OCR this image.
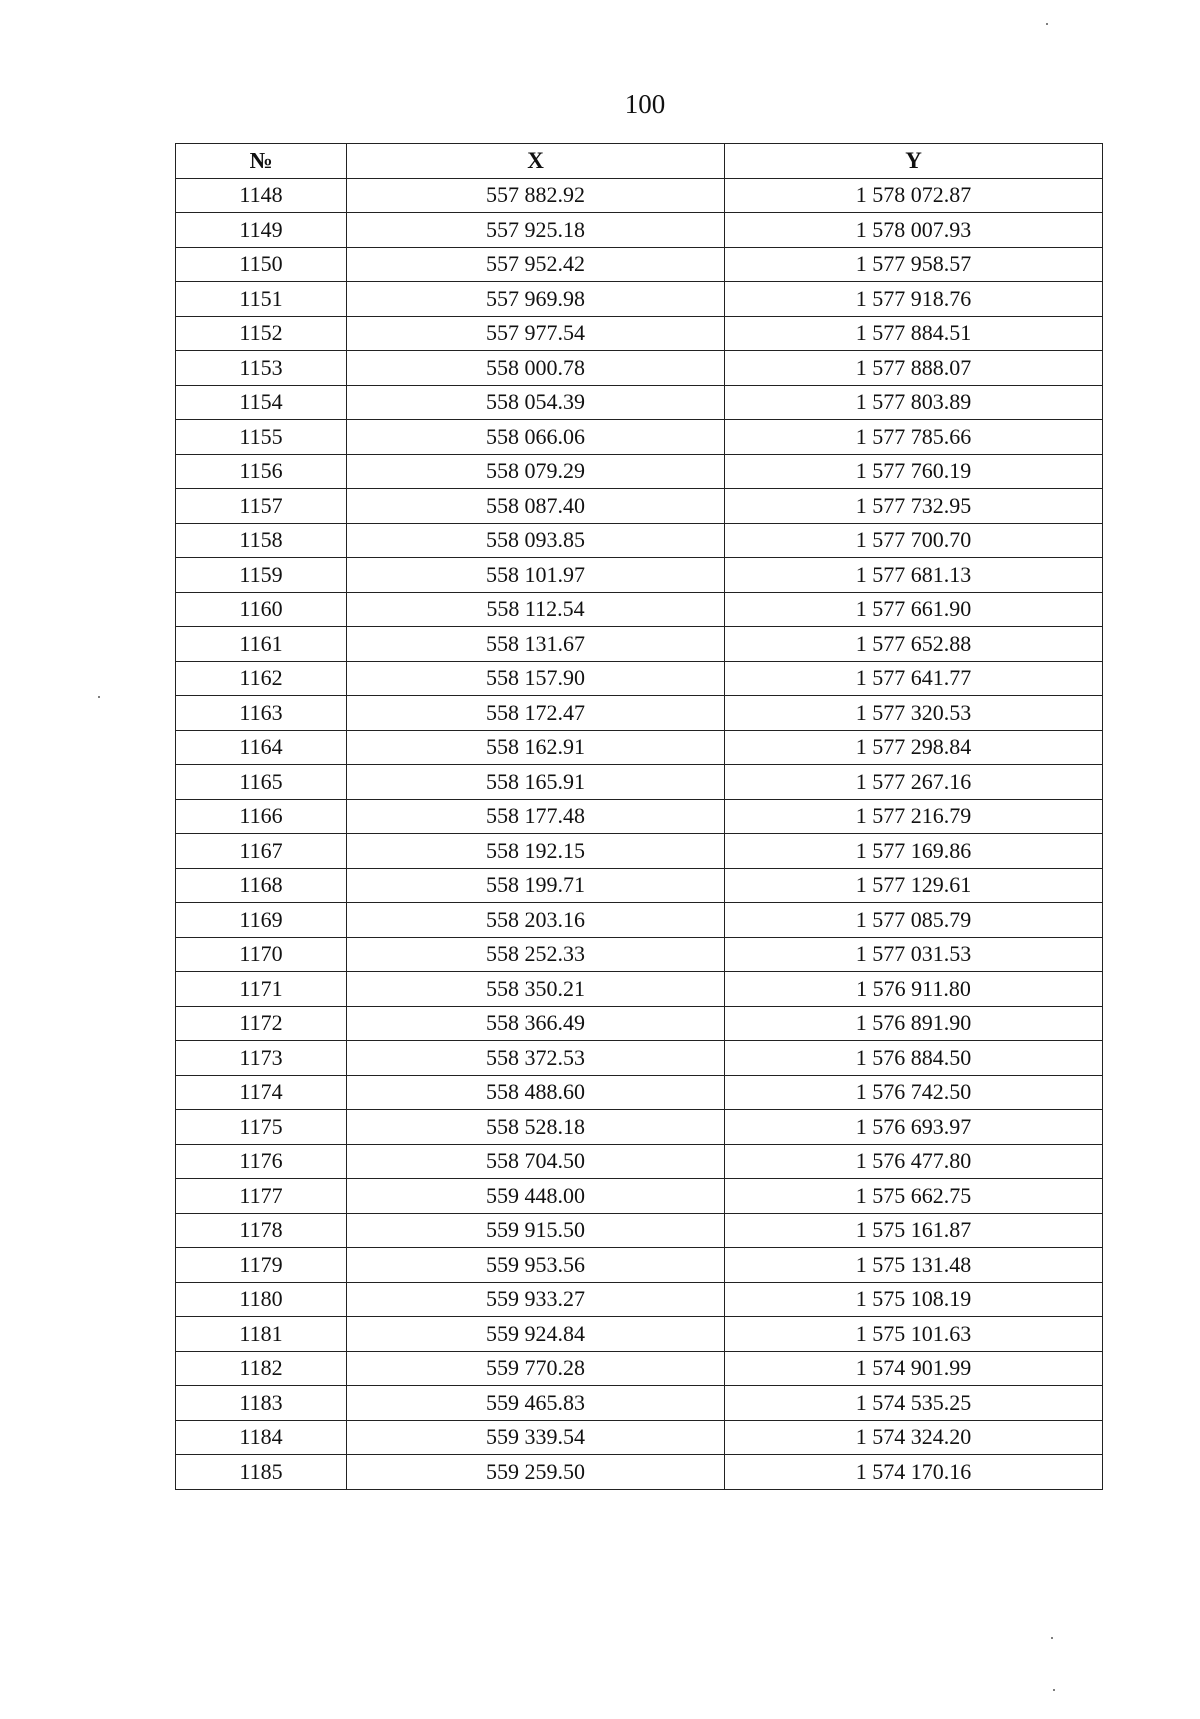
100
№	X	Y
1148	557 882.92	1 578 072.87
1149	557 925.18	1 578 007.93
1150	557 952.42	1 577 958.57
1151	557 969.98	1 577 918.76
1152	557 977.54	1 577 884.51
1153	558 000.78	1 577 888.07
1154	558 054.39	1 577 803.89
1155	558 066.06	1 577 785.66
1156	558 079.29	1 577 760.19
1157	558 087.40	1 577 732.95
1158	558 093.85	1 577 700.70
1159	558 101.97	1 577 681.13
1160	558 112.54	1 577 661.90
1161	558 131.67	1 577 652.88
1162	558 157.90	1 577 641.77
1163	558 172.47	1 577 320.53
1164	558 162.91	1 577 298.84
1165	558 165.91	1 577 267.16
1166	558 177.48	1 577 216.79
1167	558 192.15	1 577 169.86
1168	558 199.71	1 577 129.61
1169	558 203.16	1 577 085.79
1170	558 252.33	1 577 031.53
1171	558 350.21	1 576 911.80
1172	558 366.49	1 576 891.90
1173	558 372.53	1 576 884.50
1174	558 488.60	1 576 742.50
1175	558 528.18	1 576 693.97
1176	558 704.50	1 576 477.80
1177	559 448.00	1 575 662.75
1178	559 915.50	1 575 161.87
1179	559 953.56	1 575 131.48
1180	559 933.27	1 575 108.19
1181	559 924.84	1 575 101.63
1182	559 770.28	1 574 901.99
1183	559 465.83	1 574 535.25
1184	559 339.54	1 574 324.20
1185	559 259.50	1 574 170.16
